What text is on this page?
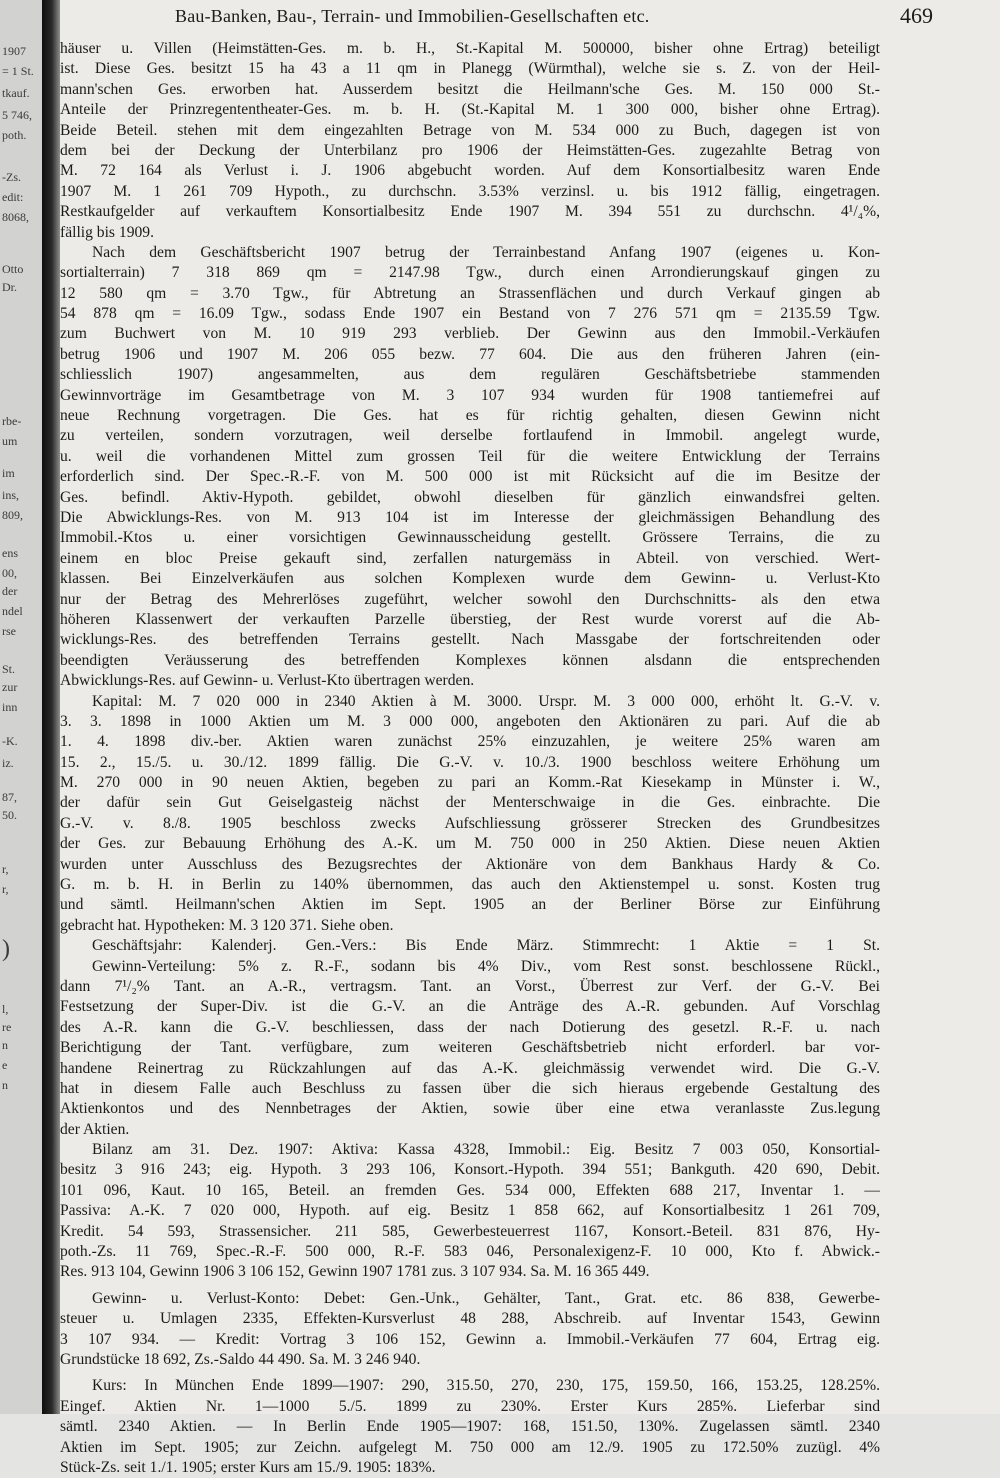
1907
= 1 St.
tkauf.
5 746,
poth.
-Zs.
edit:
8068,
Otto
Dr.
rbe-
um
im
ins,
809,
ens
00,
der
ndel
rse
St.
zur
inn
-K.
iz.
87,
50.
r,
r,
)
l,
re
n
e
n
Bau-Banken, Bau-, Terrain- und Immobilien-Gesellschaften etc.	469
häuser u. Villen (Heimstätten-Ges. m. b. H., St.-Kapital M. 500000, bisher ohne Ertrag) beteiligt
ist. Diese Ges. besitzt 15 ha 43 a 11 qm in Planegg (Würmthal), welche sie s. Z. von der Heil-
mann'schen Ges. erworben hat. Ausserdem besitzt die Heilmann'sche Ges. M. 150 000 St.-
Anteile der Prinzregententheater-Ges. m. b. H. (St.-Kapital M. 1 300 000, bisher ohne Ertrag).
Beide Beteil. stehen mit dem eingezahlten Betrage von M. 534 000 zu Buch, dagegen ist von
dem bei der Deckung der Unterbilanz pro 1906 der Heimstätten-Ges. zugezahlte Betrag von
M. 72 164 als Verlust i. J. 1906 abgebucht worden. Auf dem Konsortialbesitz waren Ende
1907 M. 1 261 709 Hypoth., zu durchschn. 3.53% verzinsl. u. bis 1912 fällig, eingetragen.
Restkaufgelder auf verkauftem Konsortialbesitz Ende 1907 M. 394 551 zu durchschn. 4¹/₄%,
fällig bis 1909.
Nach dem Geschäftsbericht 1907 betrug der Terrainbestand Anfang 1907 (eigenes u. Kon-
sortialterrain) 7 318 869 qm = 2147.98 Tgw., durch einen Arrondierungskauf gingen zu
12 580 qm = 3.70 Tgw., für Abtretung an Strassenflächen und durch Verkauf gingen ab
54 878 qm = 16.09 Tgw., sodass Ende 1907 ein Bestand von 7 276 571 qm = 2135.59 Tgw.
zum Buchwert von M. 10 919 293 verblieb. Der Gewinn aus den Immobil.-Verkäufen
betrug 1906 und 1907 M. 206 055 bezw. 77 604. Die aus den früheren Jahren (ein-
schliesslich 1907) angesammelten, aus dem regulären Geschäftsbetriebe stammenden
Gewinnvorträge im Gesamtbetrage von M. 3 107 934 wurden für 1908 tantiemefrei auf
neue Rechnung vorgetragen. Die Ges. hat es für richtig gehalten, diesen Gewinn nicht
zu verteilen, sondern vorzutragen, weil derselbe fortlaufend in Immobil. angelegt wurde,
u. weil die vorhandenen Mittel zum grossen Teil für die weitere Entwicklung der Terrains
erforderlich sind. Der Spec.-R.-F. von M. 500 000 ist mit Rücksicht auf die im Besitze der
Ges. befindl. Aktiv-Hypoth. gebildet, obwohl dieselben für gänzlich einwandsfrei gelten.
Die Abwicklungs-Res. von M. 913 104 ist im Interesse der gleichmässigen Behandlung des
Immobil.-Ktos u. einer vorsichtigen Gewinnausscheidung gestellt. Grössere Terrains, die zu
einem en bloc Preise gekauft sind, zerfallen naturgemäss in Abteil. von verschied. Wert-
klassen. Bei Einzelverkäufen aus solchen Komplexen wurde dem Gewinn- u. Verlust-Kto
nur der Betrag des Mehrerlöses zugeführt, welcher sowohl den Durchschnitts- als den etwa
höheren Klassenwert der verkauften Parzelle überstieg, der Rest wurde vorerst auf die Ab-
wicklungs-Res. des betreffenden Terrains gestellt. Nach Massgabe der fortschreitenden oder
beendigten Veräusserung des betreffenden Komplexes können alsdann die entsprechenden
Abwicklungs-Res. auf Gewinn- u. Verlust-Kto übertragen werden.
Kapital: M. 7 020 000 in 2340 Aktien à M. 3000. Urspr. M. 3 000 000, erhöht lt. G.-V. v.
3. 3. 1898 in 1000 Aktien um M. 3 000 000, angeboten den Aktionären zu pari. Auf die ab
1. 4. 1898 div.-ber. Aktien waren zunächst 25% einzuzahlen, je weitere 25% waren am
15. 2., 15./5. u. 30./12. 1899 fällig. Die G.-V. v. 10./3. 1900 beschloss weitere Erhöhung um
M. 270 000 in 90 neuen Aktien, begeben zu pari an Komm.-Rat Kiesekamp in Münster i. W.,
der dafür sein Gut Geiselgasteig nächst der Menterschwaige in die Ges. einbrachte. Die
G.-V. v. 8./8. 1905 beschloss zwecks Aufschliessung grösserer Strecken des Grundbesitzes
der Ges. zur Bebauung Erhöhung des A.-K. um M. 750 000 in 250 Aktien. Diese neuen Aktien
wurden unter Ausschluss des Bezugsrechtes der Aktionäre von dem Bankhaus Hardy & Co.
G. m. b. H. in Berlin zu 140% übernommen, das auch den Aktienstempel u. sonst. Kosten trug
und sämtl. Heilmann'schen Aktien im Sept. 1905 an der Berliner Börse zur Einführung
gebracht hat. Hypotheken: M. 3 120 371. Siehe oben.
Geschäftsjahr: Kalenderj. Gen.-Vers.: Bis Ende März. Stimmrecht: 1 Aktie = 1 St.
Gewinn-Verteilung: 5% z. R.-F., sodann bis 4% Div., vom Rest sonst. beschlossene Rückl.,
dann 7¹/₂% Tant. an A.-R., vertragsm. Tant. an Vorst., Überrest zur Verf. der G.-V. Bei
Festsetzung der Super-Div. ist die G.-V. an die Anträge des A.-R. gebunden. Auf Vorschlag
des A.-R. kann die G.-V. beschliessen, dass der nach Dotierung des gesetzl. R.-F. u. nach
Berichtigung der Tant. verfügbare, zum weiteren Geschäftsbetrieb nicht erforderl. bar vor-
handene Reinertrag zu Rückzahlungen auf das A.-K. gleichmässig verwendet wird. Die G.-V.
hat in diesem Falle auch Beschluss zu fassen über die sich hieraus ergebende Gestaltung des
Aktienkontos und des Nennbetrages der Aktien, sowie über eine etwa veranlasste Zus.legung
der Aktien.
Bilanz am 31. Dez. 1907: Aktiva: Kassa 4328, Immobil.: Eig. Besitz 7 003 050, Konsortial-
besitz 3 916 243; eig. Hypoth. 3 293 106, Konsort.-Hypoth. 394 551; Bankguth. 420 690, Debit.
101 096, Kaut. 10 165, Beteil. an fremden Ges. 534 000, Effekten 688 217, Inventar 1. —
Passiva: A.-K. 7 020 000, Hypoth. auf eig. Besitz 1 858 662, auf Konsortialbesitz 1 261 709,
Kredit. 54 593, Strassensicher. 211 585, Gewerbesteuerrest 1167, Konsort.-Beteil. 831 876, Hy-
poth.-Zs. 11 769, Spec.-R.-F. 500 000, R.-F. 583 046, Personalexigenz-F. 10 000, Kto f. Abwick.-
Res. 913 104, Gewinn 1906 3 106 152, Gewinn 1907 1781 zus. 3 107 934. Sa. M. 16 365 449.
Gewinn- u. Verlust-Konto: Debet: Gen.-Unk., Gehälter, Tant., Grat. etc. 86 838, Gewerbe-
steuer u. Umlagen 2335, Effekten-Kursverlust 48 288, Abschreib. auf Inventar 1543, Gewinn
3 107 934. — Kredit: Vortrag 3 106 152, Gewinn a. Immobil.-Verkäufen 77 604, Ertrag eig.
Grundstücke 18 692, Zs.-Saldo 44 490. Sa. M. 3 246 940.
Kurs: In München Ende 1899—1907: 290, 315.50, 270, 230, 175, 159.50, 166, 153.25, 128.25%.
Eingef. Aktien Nr. 1—1000 5./5. 1899 zu 230%. Erster Kurs 285%. Lieferbar sind
sämtl. 2340 Aktien. — In Berlin Ende 1905—1907: 168, 151.50, 130%. Zugelassen sämtl. 2340
Aktien im Sept. 1905; zur Zeichn. aufgelegt M. 750 000 am 12./9. 1905 zu 172.50% zuzügl. 4%
Stück-Zs. seit 1./1. 1905; erster Kurs am 15./9. 1905: 183%.
